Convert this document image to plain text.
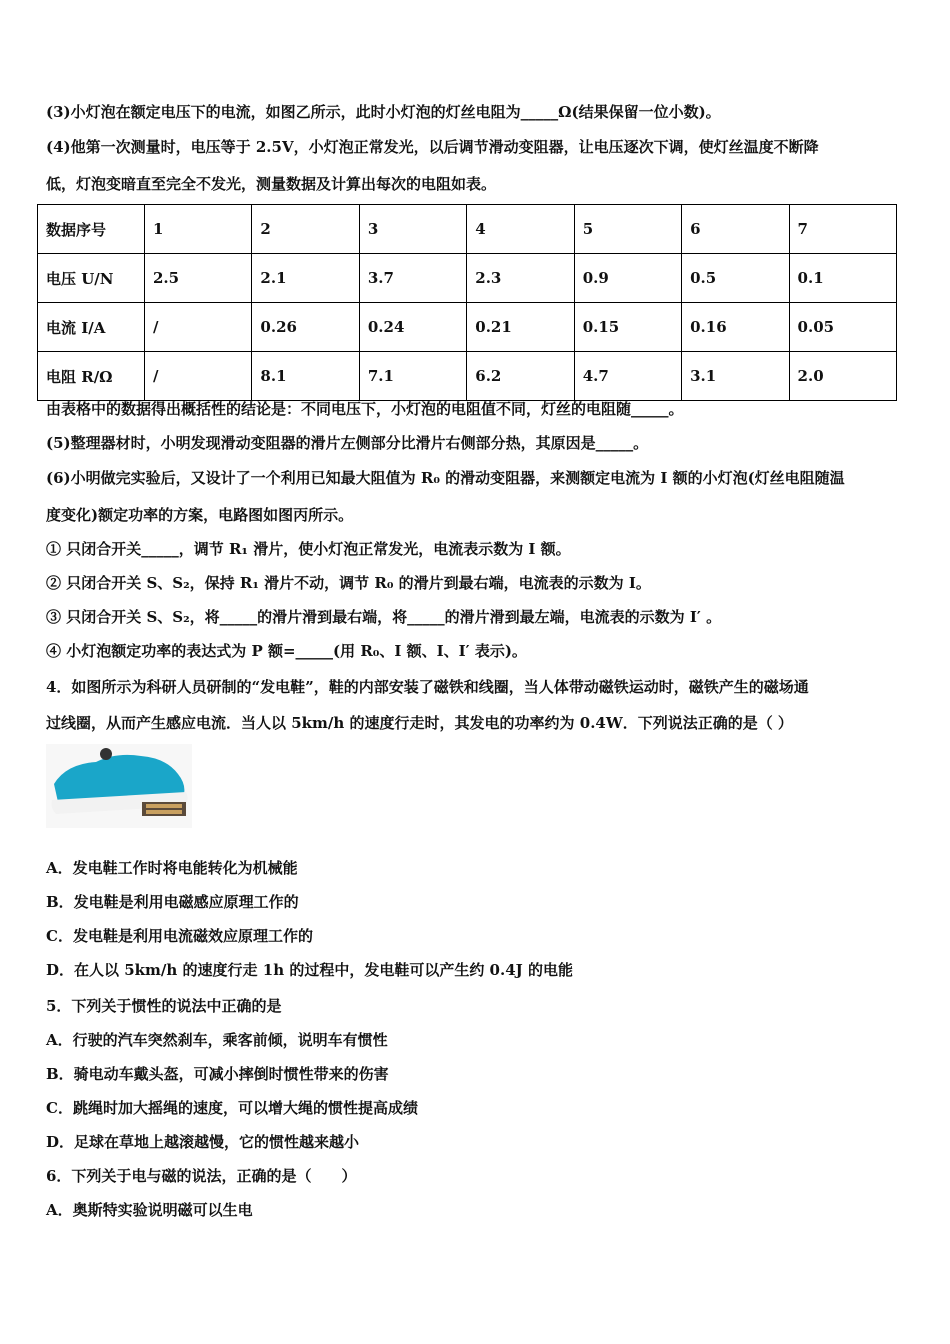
(3)小灯泡在额定电压下的电流，如图乙所示，此时小灯泡的灯丝电阻为_____Ω(结果保留一位小数)。
(4)他第一次测量时，电压等于 2.5V，小灯泡正常发光，以后调节滑动变阻器，让电压逐次下调，使灯丝温度不断降
低，灯泡变暗直至完全不发光，测量数据及计算出每次的电阻如表。
数据序号	1	2	3	4	5	6	7
电压 U/N	2.5	2.1	3.7	2.3	0.9	0.5	0.1
电流 I/A	/	0.26	0.24	0.21	0.15	0.16	0.05
电阻 R/Ω	/	8.1	7.1	6.2	4.7	3.1	2.0
由表格中的数据得出概括性的结论是：不同电压下，小灯泡的电阻值不同，灯丝的电阻随_____。
(5)整理器材时，小明发现滑动变阻器的滑片左侧部分比滑片右侧部分热，其原因是_____。
(6)小明做完实验后，又设计了一个利用已知最大阻值为 R₀ 的滑动变阻器，来测额定电流为 I 额的小灯泡(灯丝电阻随温
度变化)额定功率的方案，电路图如图丙所示。
① 只闭合开关_____，调节 R₁ 滑片，使小灯泡正常发光，电流表示数为 I 额。
② 只闭合开关 S、S₂，保持 R₁ 滑片不动，调节 R₀ 的滑片到最右端，电流表的示数为 I。
③ 只闭合开关 S、S₂，将_____的滑片滑到最右端，将_____的滑片滑到最左端，电流表的示数为 I′ 。
④ 小灯泡额定功率的表达式为 P 额=_____(用 R₀、I 额、I、I′ 表示)。
4．如图所示为科研人员研制的“发电鞋”，鞋的内部安装了磁铁和线圈，当人体带动磁铁运动时，磁铁产生的磁场通
过线圈，从而产生感应电流．当人以 5km/h 的速度行走时，其发电的功率约为 0.4W．下列说法正确的是（ ）
A．发电鞋工作时将电能转化为机械能
B．发电鞋是利用电磁感应原理工作的
C．发电鞋是利用电流磁效应原理工作的
D．在人以 5km/h 的速度行走 1h 的过程中，发电鞋可以产生约 0.4J 的电能
5．下列关于惯性的说法中正确的是
A．行驶的汽车突然刹车，乘客前倾，说明车有惯性
B．骑电动车戴头盔，可减小摔倒时惯性带来的伤害
C．跳绳时加大摇绳的速度，可以增大绳的惯性提高成绩
D．足球在草地上越滚越慢，它的惯性越来越小
6．下列关于电与磁的说法，正确的是（　　）
A．奥斯特实验说明磁可以生电
